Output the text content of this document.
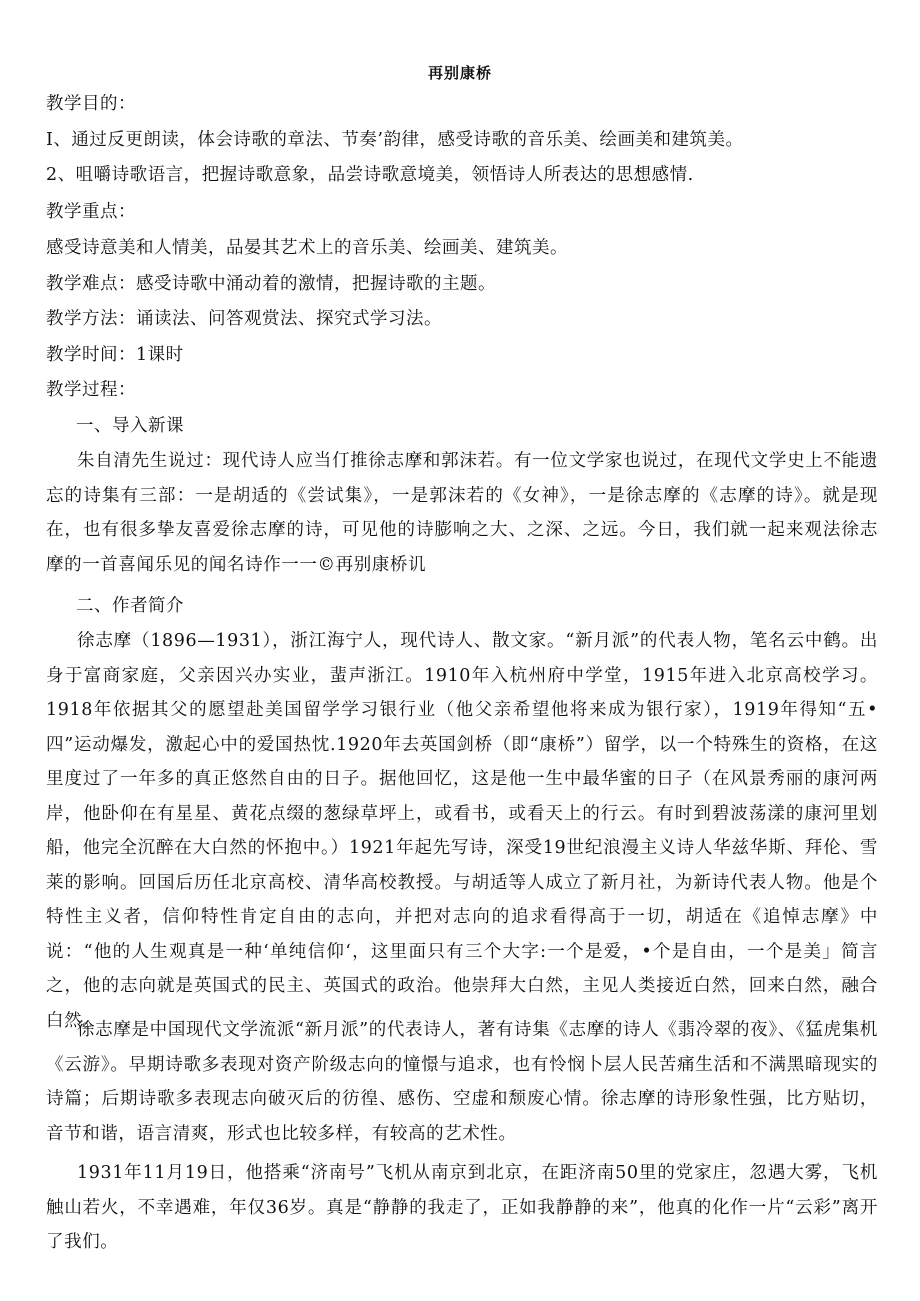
再别康桥
教学目的：
I、通过反更朗读，体会诗歌的章法、节奏’韵律，感受诗歌的音乐美、绘画美和建筑美。
2、咀嚼诗歌语言，把握诗歌意象，品尝诗歌意境美，领悟诗人所表达的思想感情.
教学重点：
感受诗意美和人情美，品晏其艺术上的音乐美、绘画美、建筑美。
教学难点：感受诗歌中涌动着的激情，把握诗歌的主题。
教学方法：诵读法、问答观赏法、探究式学习法。
教学时间：1课时
教学过程：
一、导入新课
朱自清先生说过：现代诗人应当仃推徐志摩和郭沫若。有一位文学家也说过，在现代文学史上不能遗忘的诗集有三部：一是胡适的《尝试集》，一是郭沫若的《女神》，一是徐志摩的《志摩的诗》。就是现在，也有很多挚友喜爱徐志摩的诗，可见他的诗膨响之大、之深、之远。今日，我们就一起来观法徐志摩的一首喜闻乐见的闻名诗作一一©再别康桥讥
二、作者简介
徐志摩（1896—1931），浙江海宁人，现代诗人、散文家。“新月派”的代表人物，笔名云中鹤。出身于富商家庭，父亲因兴办实业，蜚声浙江。1910年入杭州府中学堂，1915年进入北京高校学习。1918年依据其父的愿望赴美国留学学习银行业（他父亲希望他将来成为银行家），1919年得知“五•四”运动爆发，激起心中的爱国热忱.1920年去英国剑桥（即“康桥”）留学，以一个特殊生的资格，在这里度过了一年多的真正悠然自由的日子。据他回忆，这是他一生中最华蜜的日子（在风景秀丽的康河两岸，他卧仰在有星星、黄花点缀的葱绿草坪上，或看书，或看天上的行云。有时到碧波荡漾的康河里划船，他完全沉醉在大白然的怀抱中。）1921年起先写诗，深受19世纪浪漫主义诗人华兹华斯、拜伦、雪莱的影响。回国后历任北京高校、清华高校教授。与胡适等人成立了新月社，为新诗代表人物。他是个特性主义者，信仰特性肯定自由的志向，并把对志向的追求看得高于一切，胡适在《追悼志摩》中说：“他的人生观真是一种‘单纯信仰‘，这里面只有三个大字:一个是爱，•个是自由，一个是美」简言之，他的志向就是英国式的民主、英国式的政治。他崇拜大白然，主见人类接近白然，回来白然，融合白然。
徐志摩是中国现代文学流派“新月派”的代表诗人，著有诗集《志摩的诗人《翡冷翠的夜》、《猛虎集机《云游》。早期诗歌多表现对资产阶级志向的憧憬与追求，也有怜悯卜层人民苦痛生活和不满黑暗现实的诗篇；后期诗歌多表现志向破灭后的彷徨、感伤、空虚和颓废心情。徐志摩的诗形象性强，比方贴切，音节和谐，语言清爽，形式也比较多样，有较高的艺术性。
1931年11月19日，他搭乘“济南号”飞机从南京到北京，在距济南50里的党家庄，忽遇大雾，飞机触山若火，不幸遇难，年仅36岁。真是“静静的我走了，正如我静静的来”，他真的化作一片“云彩”离开了我们。
